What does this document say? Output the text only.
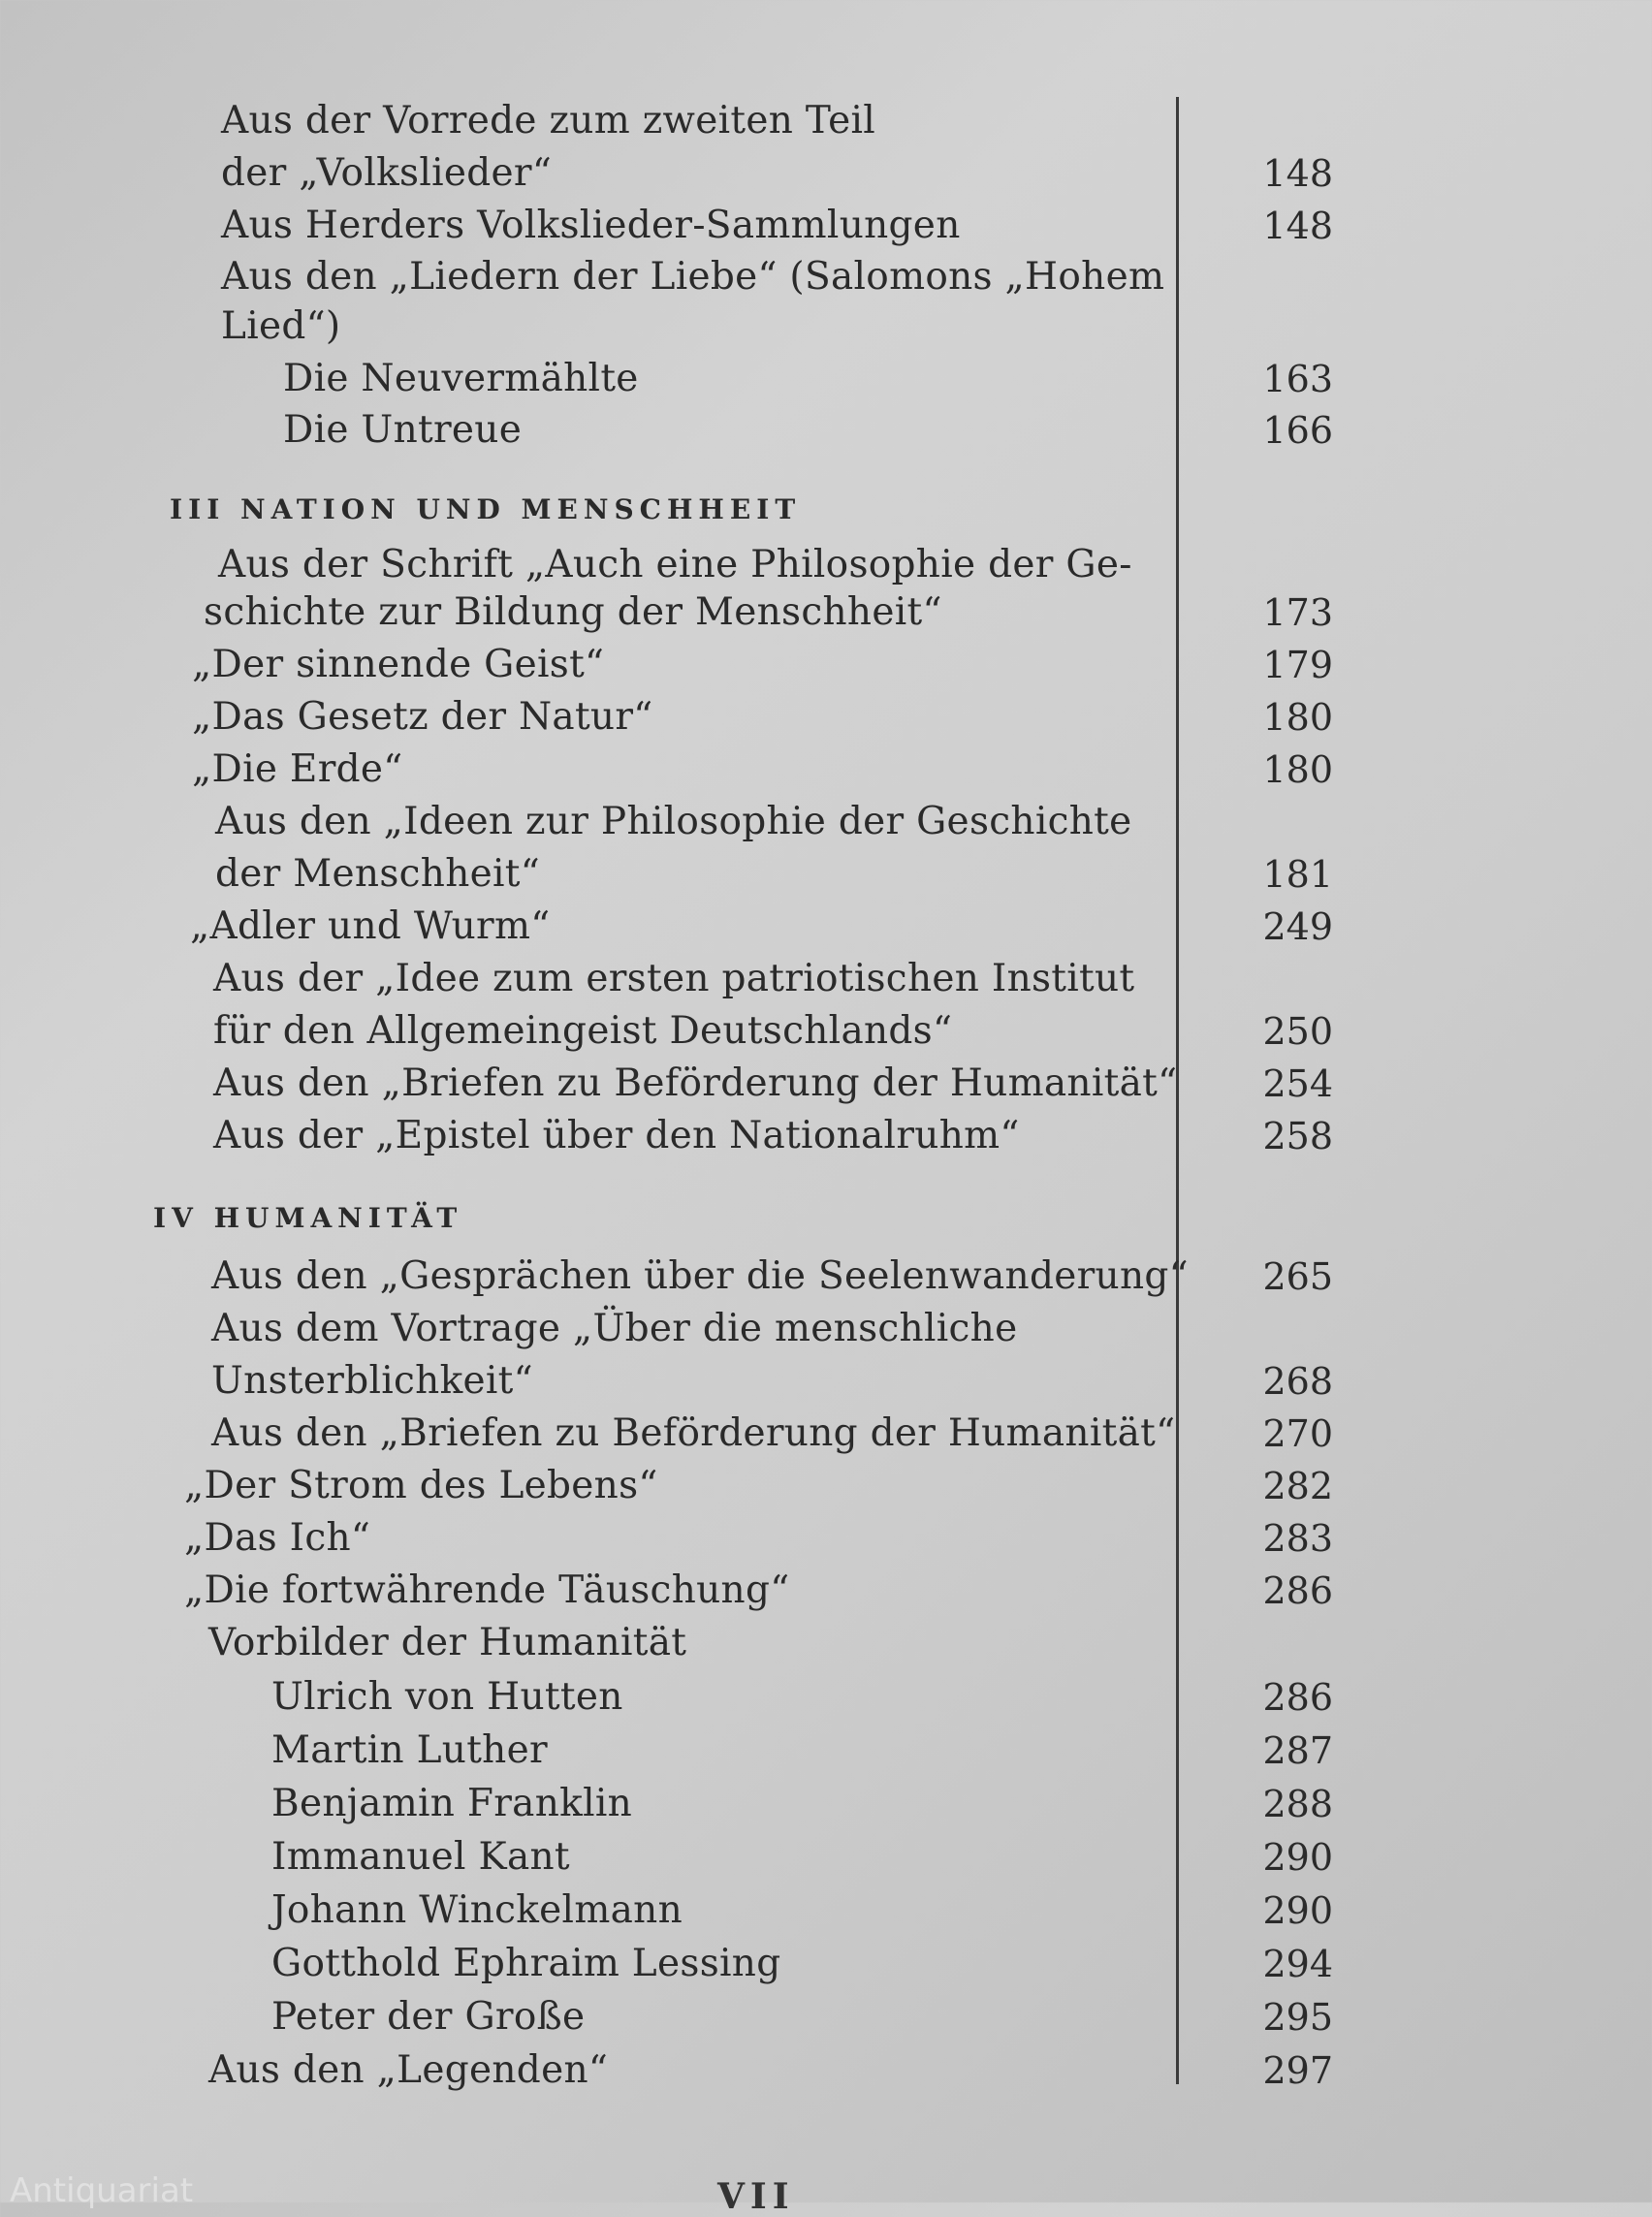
Aus der Vorrede zum zweiten Teil
der „Volkslieder“	148
Aus Herders Volkslieder-Sammlungen	148
Aus den „Liedern der Liebe“ (Salomons „Hohem
Lied“)
Die Neuvermählte	163
Die Untreue	166
III NATION UND MENSCHHEIT
Aus der Schrift „Auch eine Philosophie der Ge-
schichte zur Bildung der Menschheit“	173
„Der sinnende Geist“	179
„Das Gesetz der Natur“	180
„Die Erde“	180
Aus den „Ideen zur Philosophie der Geschichte
der Menschheit“	181
„Adler und Wurm“	249
Aus der „Idee zum ersten patriotischen Institut
für den Allgemeingeist Deutschlands“	250
Aus den „Briefen zu Beförderung der Humanität“	254
Aus der „Epistel über den Nationalruhm“	258
IV HUMANITÄT
Aus den „Gesprächen über die Seelenwanderung“	265
Aus dem Vortrage „Über die menschliche
Unsterblichkeit“	268
Aus den „Briefen zu Beförderung der Humanität“	270
„Der Strom des Lebens“	282
„Das Ich“	283
„Die fortwährende Täuschung“	286
Vorbilder der Humanität
Ulrich von Hutten	286
Martin Luther	287
Benjamin Franklin	288
Immanuel Kant	290
Johann Winckelmann	290
Gotthold Ephraim Lessing	294
Peter der Große	295
Aus den „Legenden“	297
VII
Antiquariat
